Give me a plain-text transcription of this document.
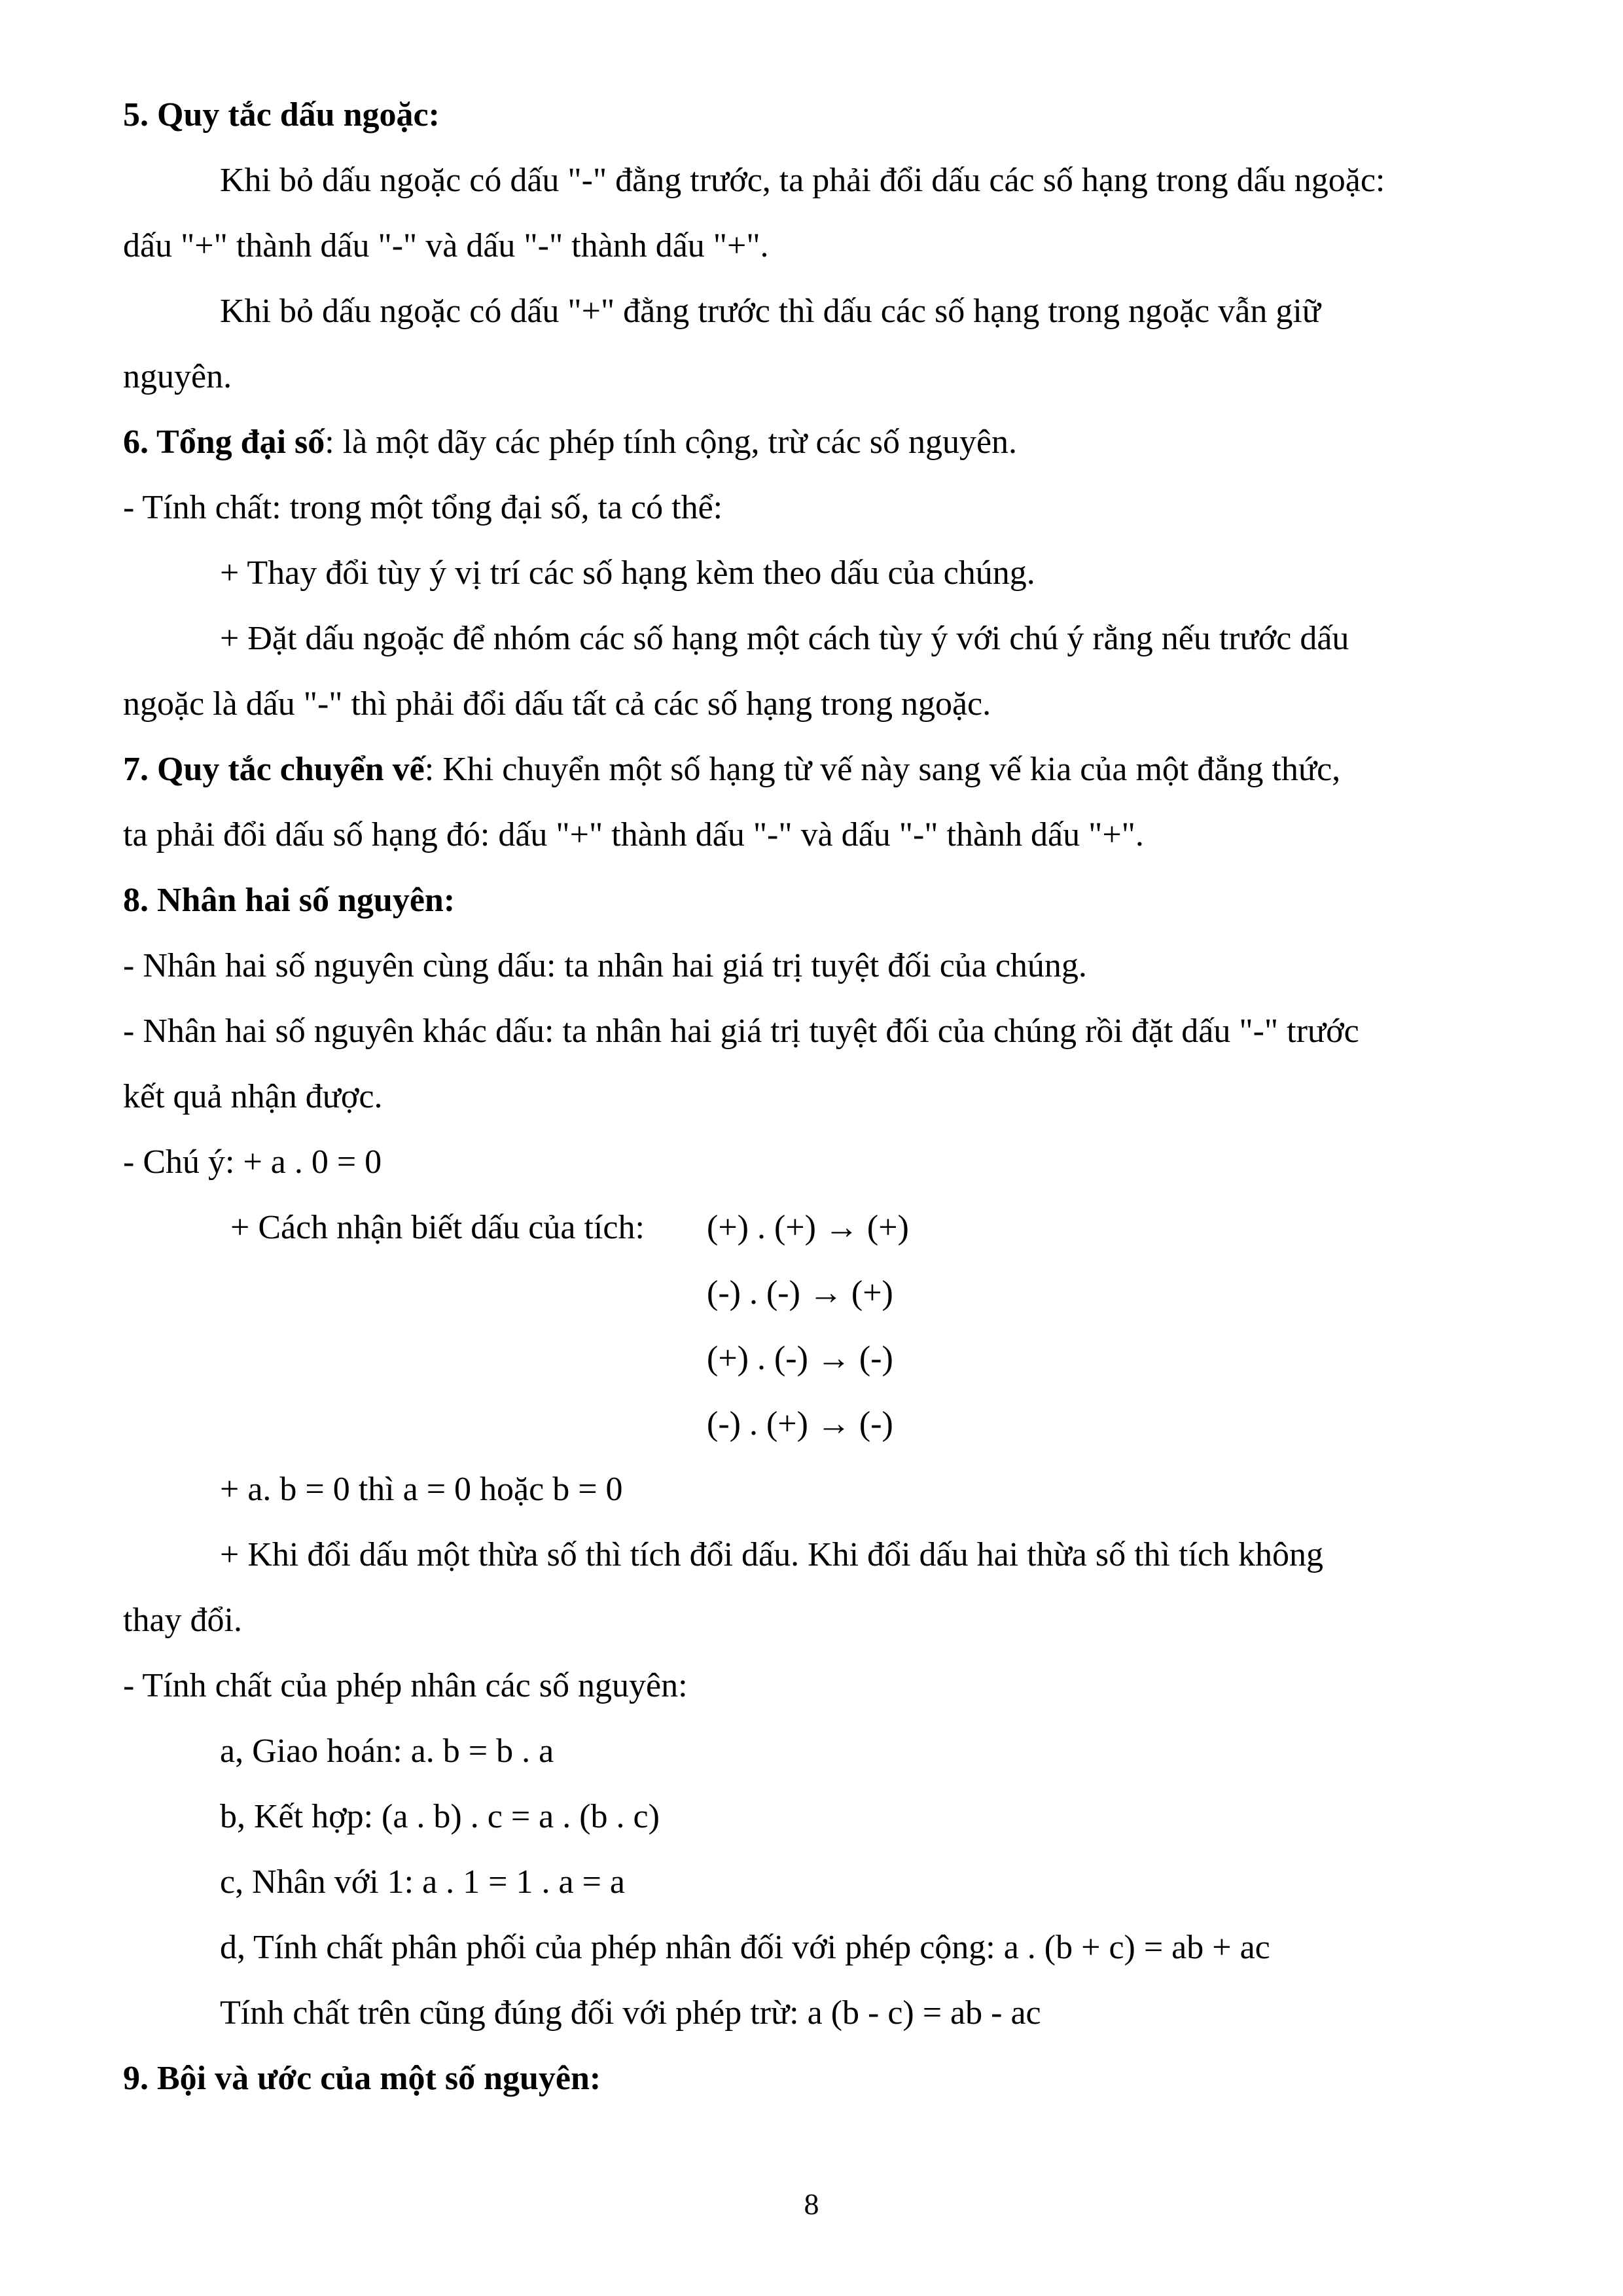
5. Quy tắc dấu ngoặc:
Khi bỏ dấu ngoặc có dấu "-" đằng trước, ta phải đổi dấu các số hạng trong dấu ngoặc:
dấu "+" thành dấu "-" và dấu "-" thành dấu "+".
Khi bỏ dấu ngoặc có dấu "+" đằng trước thì dấu các số hạng trong ngoặc vẫn giữ
nguyên.
6. Tổng đại số: là một dãy các phép tính cộng, trừ các số nguyên.
- Tính chất: trong một tổng đại số, ta có thể:
+ Thay đổi tùy ý vị trí các số hạng kèm theo dấu của chúng.
+ Đặt dấu ngoặc để nhóm các số hạng một cách tùy ý với chú ý rằng nếu trước dấu
ngoặc là dấu "-" thì phải đổi dấu tất cả các số hạng trong ngoặc.
7. Quy tắc chuyển vế: Khi chuyển một số hạng từ vế này sang vế kia của một đẳng thức,
ta phải đổi dấu số hạng đó: dấu "+" thành dấu "-" và dấu "-" thành dấu "+".
8. Nhân hai số nguyên:
- Nhân hai số nguyên cùng dấu: ta nhân hai giá trị tuyệt đối của chúng.
- Nhân hai số nguyên khác dấu: ta nhân hai giá trị tuyệt đối của chúng rồi đặt dấu "-" trước
kết quả nhận được.
- Chú ý: + a . 0 = 0
+ Cách nhận biết dấu của tích: (+) . (+) → (+)
(-) . (-) → (+)
(+) . (-) → (-)
(-) . (+) → (-)
+ a. b = 0 thì a = 0 hoặc b = 0
+ Khi đổi dấu một thừa số thì tích đổi dấu. Khi đổi dấu hai thừa số thì tích không
thay đổi.
- Tính chất của phép nhân các số nguyên:
a, Giao hoán: a. b = b . a
b, Kết hợp: (a . b) . c = a . (b . c)
c, Nhân với 1: a . 1 = 1 . a = a
d, Tính chất phân phối của phép nhân đối với phép cộng: a . (b + c) = ab + ac
Tính chất trên cũng đúng đối với phép trừ: a (b - c) = ab - ac
9. Bội và ước của một số nguyên:
8
